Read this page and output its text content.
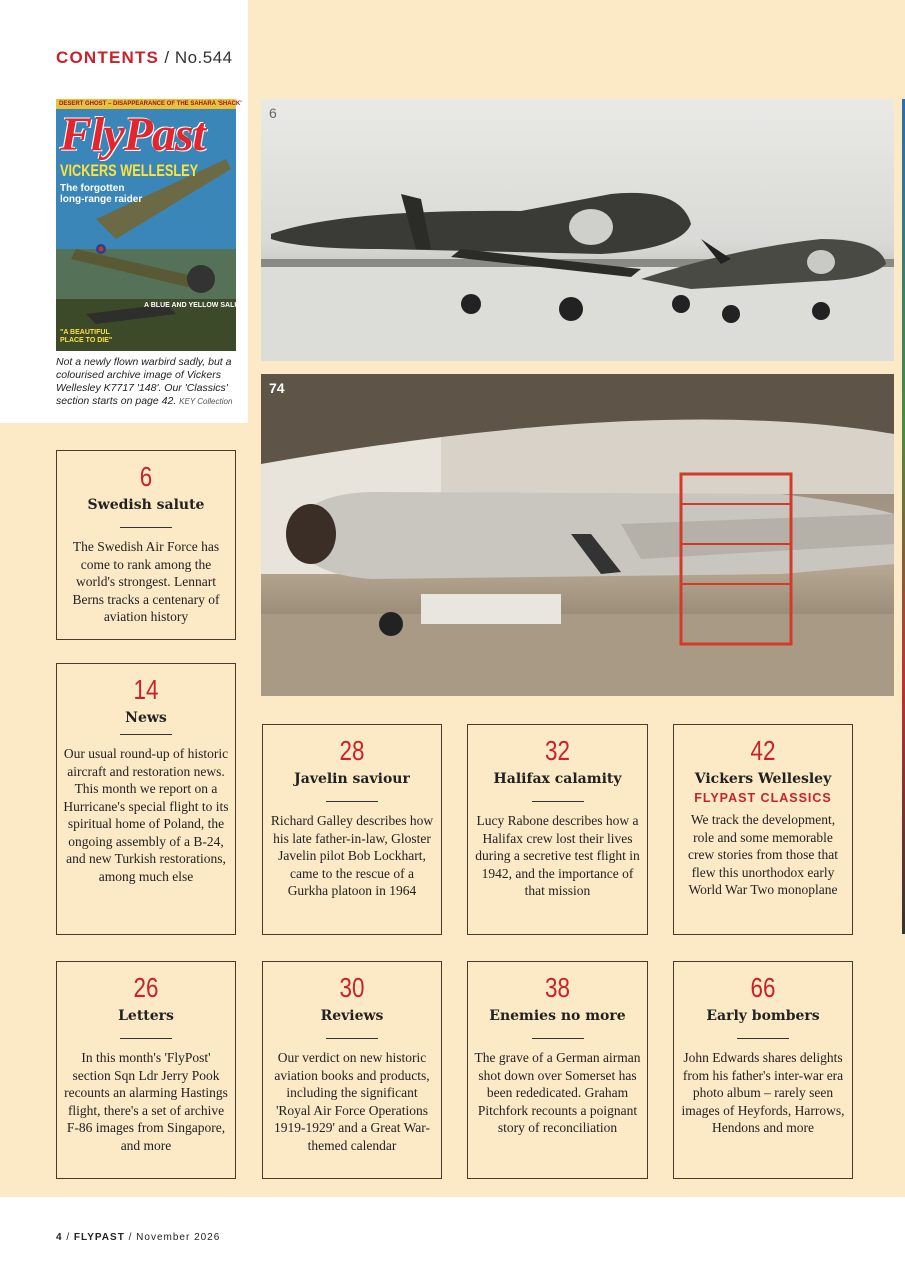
CONTENTS / No.544
DESERT GHOST – DISAPPEARANCE OF THE SAHARA 'SHACK'
FlyPast
VICKERS WELLESLEY
The forgotten long-range raider
A BLUE AND YELLOW SALUTE
"A BEAUTIFUL PLACE TO DIE"
Not a newly flown warbird sadly, but a colourised archive image of Vickers Wellesley K7717 '148'. Our 'Classics' section starts on page 42. KEY Collection
6
74
6
Swedish salute
The Swedish Air Force has come to rank among the world's strongest. Lennart Berns tracks a centenary of aviation history
14
News
Our usual round-up of historic aircraft and restoration news. This month we report on a Hurricane's special flight to its spiritual home of Poland, the ongoing assembly of a B-24, and new Turkish restorations, among much else
28
Javelin saviour
Richard Galley describes how his late father-in-law, Gloster Javelin pilot Bob Lockhart, came to the rescue of a Gurkha platoon in 1964
32
Halifax calamity
Lucy Rabone describes how a Halifax crew lost their lives during a secretive test flight in 1942, and the importance of that mission
42
Vickers Wellesley
FLYPAST CLASSICS
We track the development, role and some memorable crew stories from those that flew this unorthodox early World War Two monoplane
26
Letters
In this month's 'FlyPost' section Sqn Ldr Jerry Pook recounts an alarming Hastings flight, there's a set of archive F-86 images from Singapore, and more
30
Reviews
Our verdict on new historic aviation books and products, including the significant 'Royal Air Force Operations 1919-1929' and a Great War-themed calendar
38
Enemies no more
The grave of a German airman shot down over Somerset has been rededicated. Graham Pitchfork recounts a poignant story of reconciliation
66
Early bombers
John Edwards shares delights from his father's inter-war era photo album – rarely seen images of Heyfords, Harrows, Hendons and more
4 / FLYPAST / November 2026
